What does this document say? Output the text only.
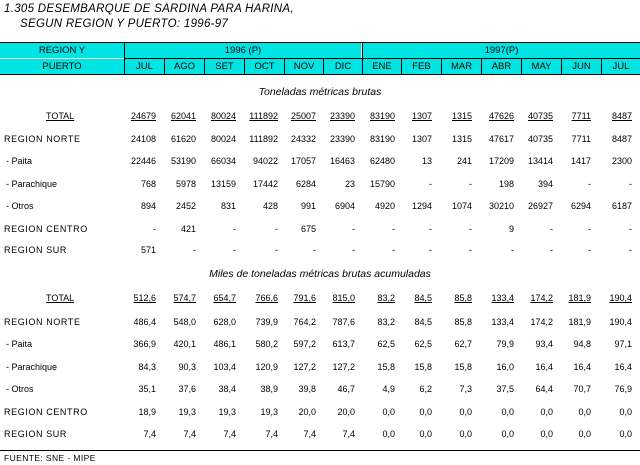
1.305 DESEMBARQUE DE SARDINA PARA HARINA,
SEGUN REGION Y PUERTO: 1996-97
REGION Y
PUERTO
1996 (P)	1997(P)
JUL	AGO	SET	OCT	NOV	DIC	ENE	FEB	MAR	ABR	MAY	JUN	JUL
Toneladas métricas brutas
TOTAL	24679 62041 80024 111892 25007 23390 83190 1307 1315 47626 40735 7711 8487
REGION NORTE	24108 61620 80024 111892 24332 23390 83190 1307 1315 47617 40735 7711 8487
- Paita	22446 53190 66034 94022 17057 16463 62480	13	241 17209 13414 1417 2300
- Parachique	768 5978 13159 17442 6284	23 15790	-	-	198	394	-	-
- Otros	894 2452	831	428	991 6904 4920 1294 1074 30210 26927 6294 6187
REGION CENTRO	-	421	-	-	675	-	-	-	-	9	-	-	-
REGION SUR	571	-	-	-	-	-	-	-	-	-	-	-	-
Miles de toneladas métricas brutas acumuladas
TOTAL	512,6 574,7 654,7 766,6 791,6 815,0 83,2 84,5 85,8 133,4 174,2 181,9 190,4
REGION NORTE	486,4 548,0 628,0 739,9 764,2 787,6 83,2 84,5 85,8 133,4 174,2 181,9 190,4
- Paita	366,9 420,1 486,1 580,2 597,2 613,7 62,5 62,5 62,7	79,9 93,4 94,8	97,1
- Parachique	84,3 90,3 103,4 120,9 127,2 127,2 15,8 15,8 15,8	16,0 16,4 16,4	16,4
- Otros	35,1 37,6 38,4	38,9 39,8 46,7	4,9	6,2	7,3	37,5 64,4 70,7	76,9
REGION CENTRO	18,9 19,3 19,3	19,3 20,0 20,0	0,0	0,0	0,0	0,0	0,0	0,0	0,0
REGION SUR	7,4	7,4	7,4	7,4	7,4	7,4	0,0	0,0	0,0	0,0	0,0	0,0	0,0
FUENTE: SNE - MIPE
